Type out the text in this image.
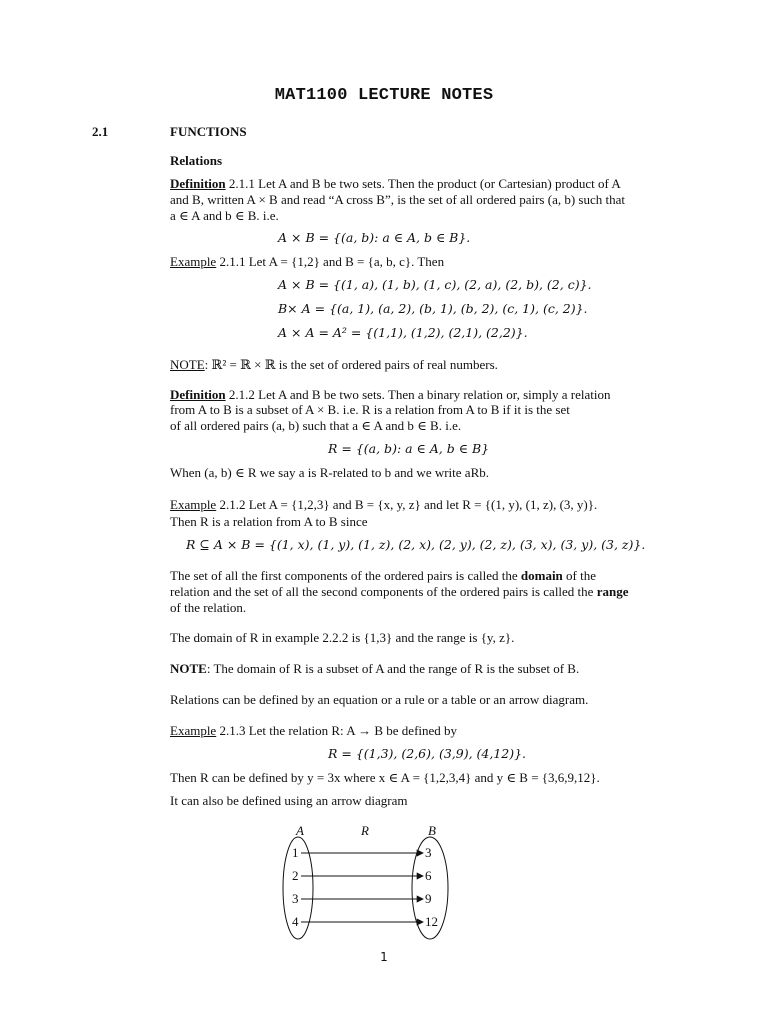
MAT1100 LECTURE NOTES
2.1	FUNCTIONS
Relations
Definition 2.1.1 Let A and B be two sets. Then the product (or Cartesian) product of A
and B, written A × B and read “A cross B”, is the set of all ordered pairs (a, b) such that
a ∈ A and b ∈ B. i.e.
A × B = {(a, b): a ∈ A, b ∈ B}.
Example 2.1.1 Let A = {1,2} and B = {a, b, c}. Then
A × B = {(1, a), (1, b), (1, c), (2, a), (2, b), (2, c)}.
B× A = {(a, 1), (a, 2), (b, 1), (b, 2), (c, 1), (c, 2)}.
A × A = A² = {(1,1), (1,2), (2,1), (2,2)}.
NOTE: ℝ² = ℝ × ℝ is the set of ordered pairs of real numbers.
Definition 2.1.2 Let A and B be two sets. Then a binary relation or, simply a relation
from A to B is a subset of A × B. i.e. R is a relation from A to B if it is the set
of all ordered pairs (a, b) such that a ∈ A and b ∈ B. i.e.
R = {(a, b): a ∈ A, b ∈ B}
When (a, b) ∈ R we say a is R-related to b and we write aRb.
Example 2.1.2 Let A = {1,2,3} and B = {x, y, z} and let R = {(1, y), (1, z), (3, y)}.
Then R is a relation from A to B since
R ⊆ A × B = {(1, x), (1, y), (1, z), (2, x), (2, y), (2, z), (3, x), (3, y), (3, z)}.
The set of all the first components of the ordered pairs is called the domain of the
relation and the set of all the second components of the ordered pairs is called the range
of the relation.
The domain of R in example 2.2.2 is {1,3} and the range is {y, z}.
NOTE: The domain of R is a subset of A and the range of R is the subset of B.
Relations can be defined by an equation or a rule or a table or an arrow diagram.
Example 2.1.3 Let the relation R: A → B be defined by
R = {(1,3), (2,6), (3,9), (4,12)}.
Then R can be defined by y = 3x where x ∈ A = {1,2,3,4} and y ∈ B = {3,6,9,12}.
It can also be defined using an arrow diagram
A	R	B
1	3
2	6
3	9
4	12
1
